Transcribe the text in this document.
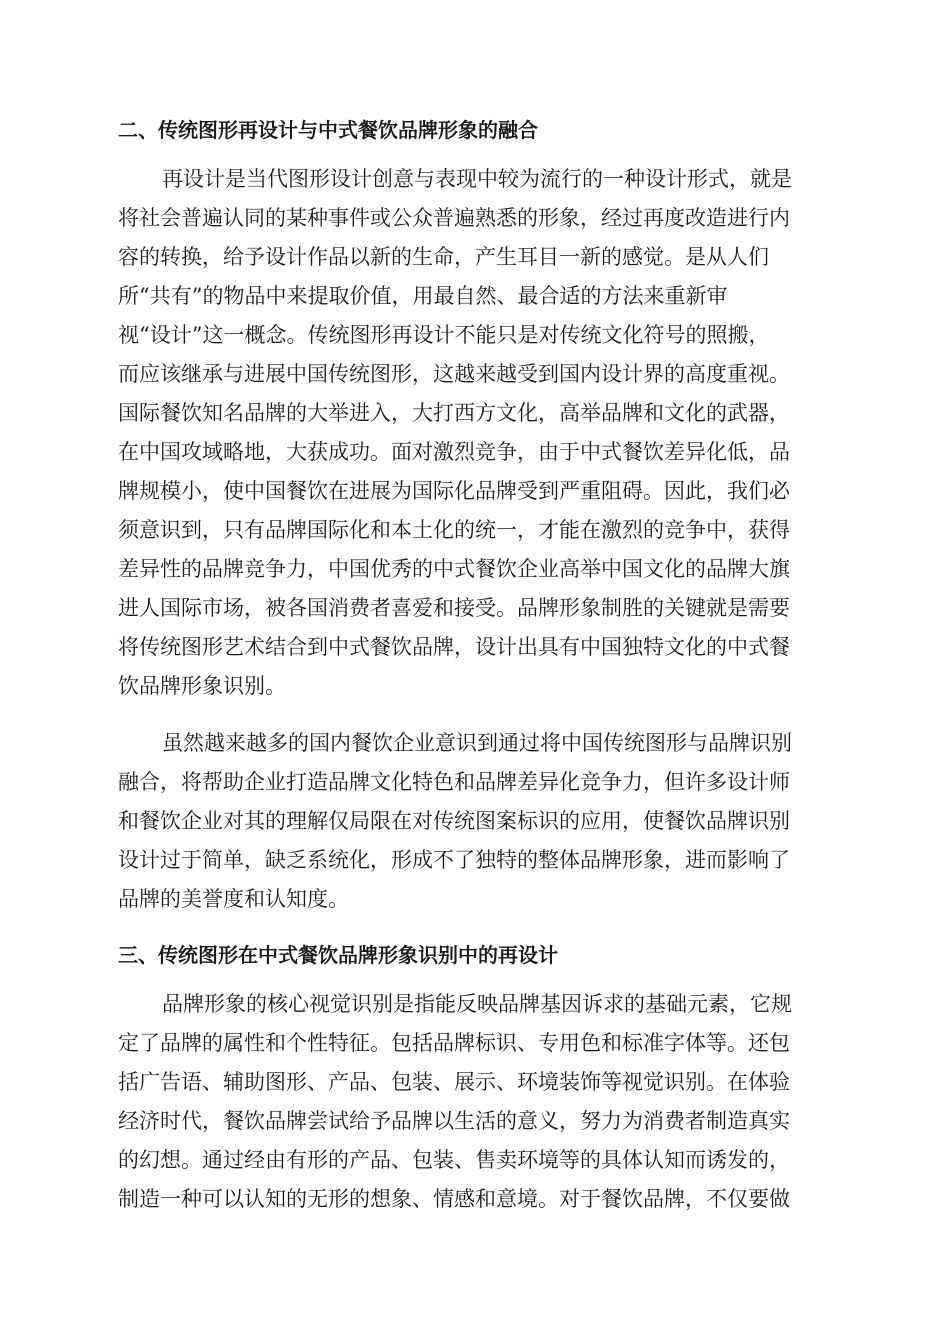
二、传统图形再设计与中式餐饮品牌形象的融合
再设计是当代图形设计创意与表现中较为流行的一种设计形式，就是
将社会普遍认同的某种事件或公众普遍熟悉的形象，经过再度改造进行内
容的转换，给予设计作品以新的生命，产生耳目一新的感觉。是从人们
所“共有”的物品中来提取价值，用最自然、最合适的方法来重新审
视“设计”这一概念。传统图形再设计不能只是对传统文化符号的照搬，
而应该继承与进展中国传统图形，这越来越受到国内设计界的高度重视。
国际餐饮知名品牌的大举进入，大打西方文化，高举品牌和文化的武器，
在中国攻域略地，大获成功。面对激烈竞争，由于中式餐饮差异化低，品
牌规模小，使中国餐饮在进展为国际化品牌受到严重阻碍。因此，我们必
须意识到，只有品牌国际化和本土化的统一，才能在激烈的竞争中，获得
差异性的品牌竞争力，中国优秀的中式餐饮企业高举中国文化的品牌大旗
进人国际市场，被各国消费者喜爱和接受。品牌形象制胜的关键就是需要
将传统图形艺术结合到中式餐饮品牌，设计出具有中国独特文化的中式餐
饮品牌形象识别。
虽然越来越多的国内餐饮企业意识到通过将中国传统图形与品牌识别
融合，将帮助企业打造品牌文化特色和品牌差异化竞争力，但许多设计师
和餐饮企业对其的理解仅局限在对传统图案标识的应用，使餐饮品牌识别
设计过于简单，缺乏系统化，形成不了独特的整体品牌形象，进而影响了
品牌的美誉度和认知度。
三、传统图形在中式餐饮品牌形象识别中的再设计
品牌形象的核心视觉识别是指能反映品牌基因诉求的基础元素，它规
定了品牌的属性和个性特征。包括品牌标识、专用色和标准字体等。还包
括广告语、辅助图形、产品、包装、展示、环境装饰等视觉识别。在体验
经济时代，餐饮品牌尝试给予品牌以生活的意义，努力为消费者制造真实
的幻想。通过经由有形的产品、包装、售卖环境等的具体认知而诱发的，
制造一种可以认知的无形的想象、情感和意境。对于餐饮品牌，不仅要做
